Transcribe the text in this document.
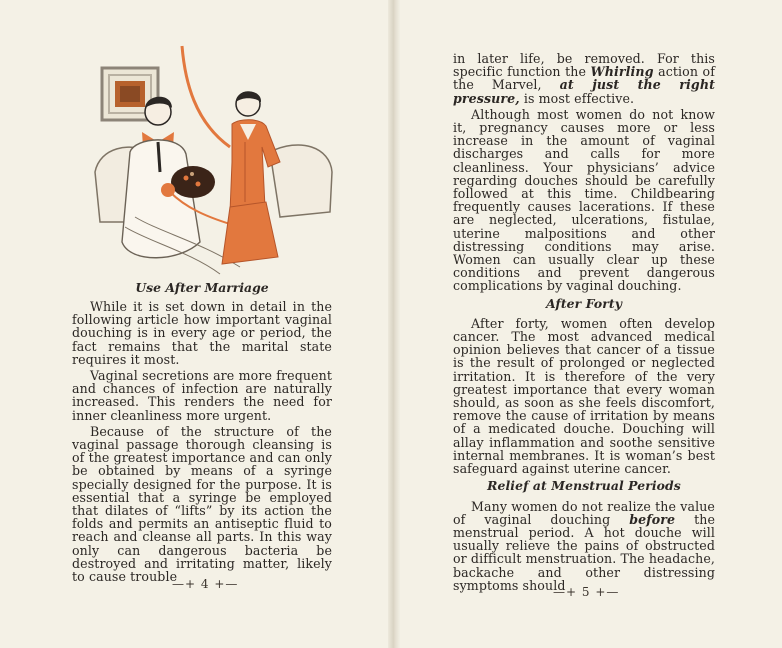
Use After Marriage

While it is set down in detail in the following article how important vaginal douching is in every age or period, the fact remains that the marital state requires it most.

Vaginal secretions are more frequent and chances of infection are naturally increased. This renders the need for inner cleanliness more urgent.

Because of the structure of the vaginal passage thorough cleansing is of the greatest importance and can only be obtained by means of a syringe specially designed for the purpose. It is essential that a syringe be employed that dilates of “lifts” by its action the folds and permits an antiseptic fluid to reach and cleanse all parts. In this way only can dangerous bacteria be destroyed and irritating matter, likely to cause trouble

—+ 4 +—

in later life, be removed. For this specific function the Whirling action of the Marvel, at just the right pressure, is most effective.

Although most women do not know it, pregnancy causes more or less increase in the amount of vaginal discharges and calls for more cleanliness. Your physicians’ advice regarding douches should be carefully followed at this time. Childbearing frequently causes lacerations. If these are neglected, ulcerations, fistulae, uterine malpositions and other distressing conditions may arise. Women can usually clear up these conditions and prevent dangerous complications by vaginal douching.

After Forty

After forty, women often develop cancer. The most advanced medical opinion believes that cancer of a tissue is the result of prolonged or neglected irritation. It is therefore of the very greatest importance that every woman should, as soon as she feels discomfort, remove the cause of irritation by means of a medicated douche. Douching will allay inflammation and soothe sensitive internal membranes. It is woman’s best safeguard against uterine cancer.

Relief at Menstrual Periods

Many women do not realize the value of vaginal douching before the menstrual period. A hot douche will usually relieve the pains of obstructed or difficult menstruation. The headache, backache and other distressing symptoms should

—+ 5 +—
